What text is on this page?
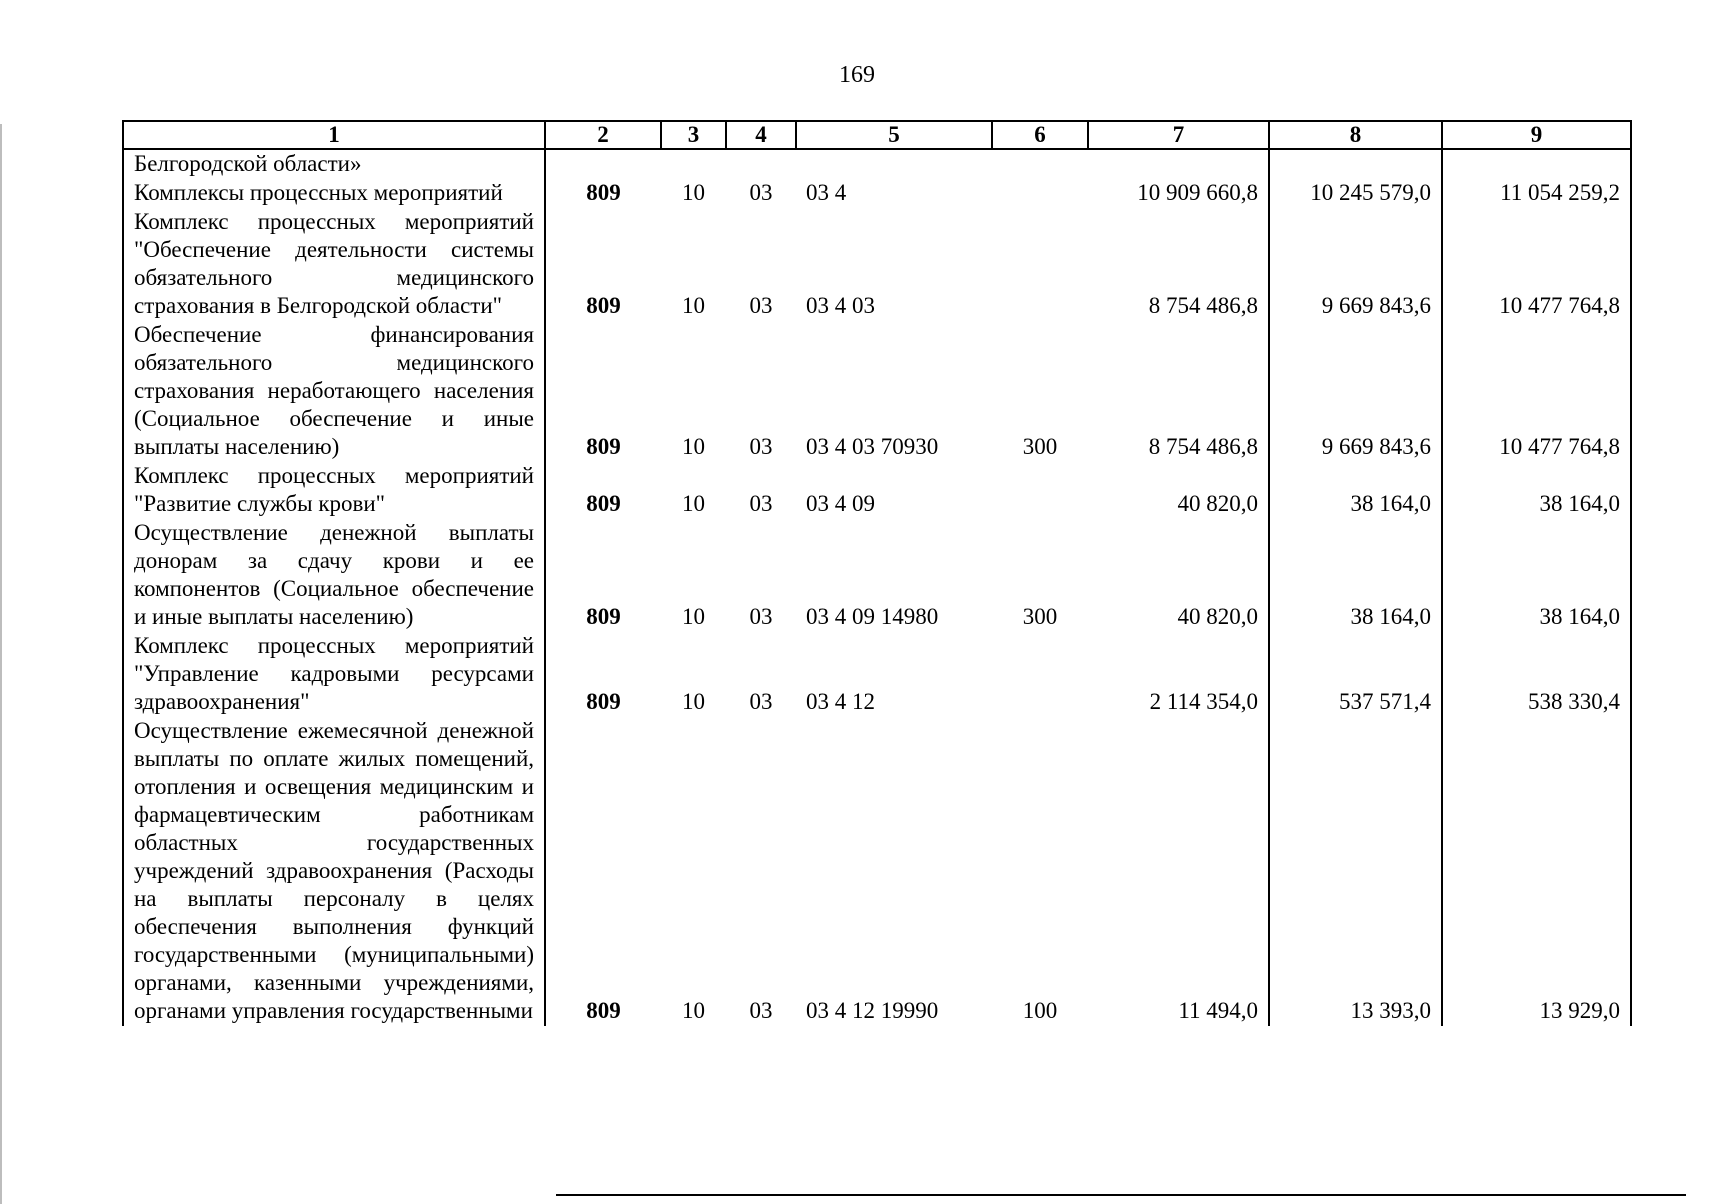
169
1	2	3	4	5	6	7	8	9
Белгородской области»								
Комплексы процессных мероприятий	809	10	03	03 4		10 909 660,8	10 245 579,0	11 054 259,2
Комплекс процессных мероприятий "Обеспечение деятельности системы обязательного медицинского страхования в Белгородской области"	809	10	03	03 4 03		8 754 486,8	9 669 843,6	10 477 764,8
Обеспечение финансирования обязательного медицинского страхования неработающего населения (Социальное обеспечение и иные выплаты населению)	809	10	03	03 4 03 70930	300	8 754 486,8	9 669 843,6	10 477 764,8
Комплекс процессных мероприятий "Развитие службы крови"	809	10	03	03 4 09		40 820,0	38 164,0	38 164,0
Осуществление денежной выплаты донорам за сдачу крови и ее компонентов (Социальное обеспечение и иные выплаты населению)	809	10	03	03 4 09 14980	300	40 820,0	38 164,0	38 164,0
Комплекс процессных мероприятий "Управление кадровыми ресурсами здравоохранения"	809	10	03	03 4 12		2 114 354,0	537 571,4	538 330,4
Осуществление ежемесячной денежной выплаты по оплате жилых помещений, отопления и освещения медицинским и фармацевтическим работникам областных государственных учреждений здравоохранения (Расходы на выплаты персоналу в целях обеспечения выполнения функций государственными (муниципальными) органами, казенными учреждениями, органами управления государственными	809	10	03	03 4 12 19990	100	11 494,0	13 393,0	13 929,0
